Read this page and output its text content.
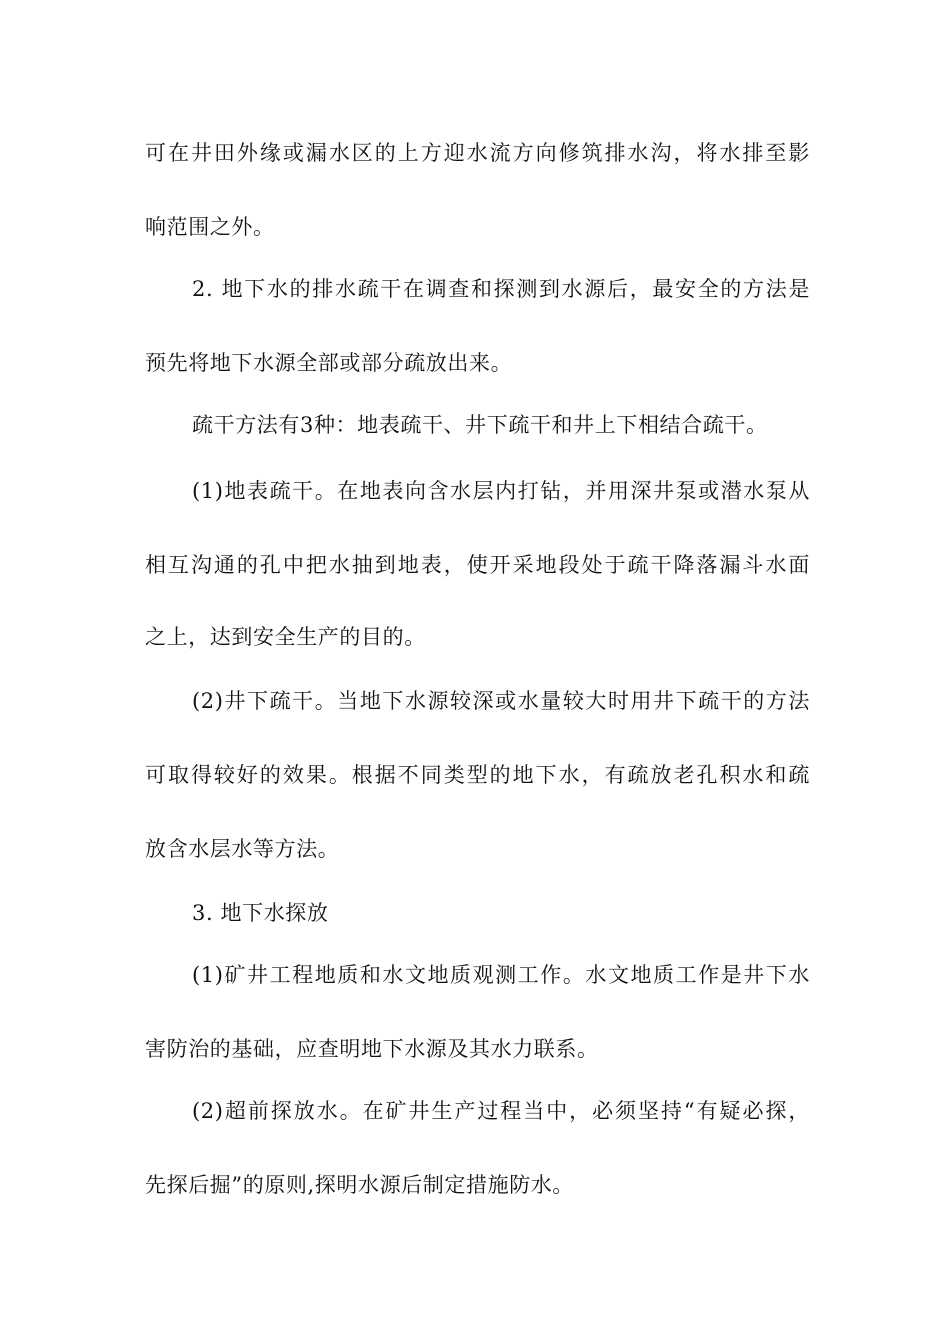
可在井田外缘或漏水区的上方迎水流方向修筑排水沟，将水排至影
响范围之外。
2. 地下水的排水疏干在调查和探测到水源后，最安全的方法是
预先将地下水源全部或部分疏放出来。
疏干方法有3种：地表疏干、井下疏干和井上下相结合疏干。
(1)地表疏干。在地表向含水层内打钻，并用深井泵或潜水泵从
相互沟通的孔中把水抽到地表，使开采地段处于疏干降落漏斗水面
之上，达到安全生产的目的。
(2)井下疏干。当地下水源较深或水量较大时用井下疏干的方法
可取得较好的效果。根据不同类型的地下水，有疏放老孔积水和疏
放含水层水等方法。
3. 地下水探放
(1)矿井工程地质和水文地质观测工作。水文地质工作是井下水
害防治的基础，应查明地下水源及其水力联系。
(2)超前探放水。在矿井生产过程当中，必须坚持“有疑必探，
先探后掘”的原则,探明水源后制定措施防水。
